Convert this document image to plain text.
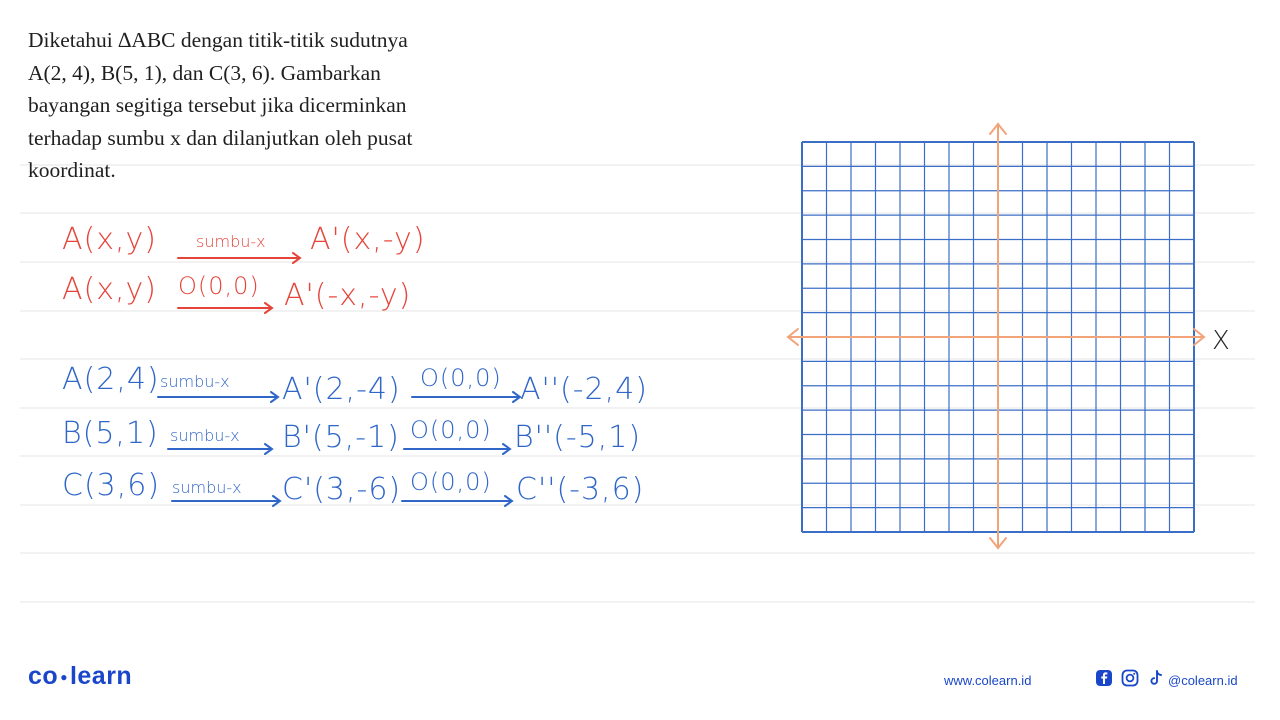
Diketahui ∆ABC dengan titik-titik sudutnya

A(2, 4), B(5, 1), dan C(3, 6). Gambarkan

bayangan segitiga tersebut jika dicerminkan

terhadap sumbu x dan dilanjutkan oleh pusat

koordinat.

A(x,y) sumbu-x A'(x,-y)
A(x,y) O(0,0) A'(-x,-y)
A(2,4) sumbu-x A'(2,-4) O(0,0) A''(-2,4)
B(5,1) sumbu-x B'(5,-1) O(0,0) B''(-5,1)
C(3,6) sumbu-x C'(3,-6) O(0,0) C''(-3,6)
X
co ●learn	www.colearn.id	@colearn.id
